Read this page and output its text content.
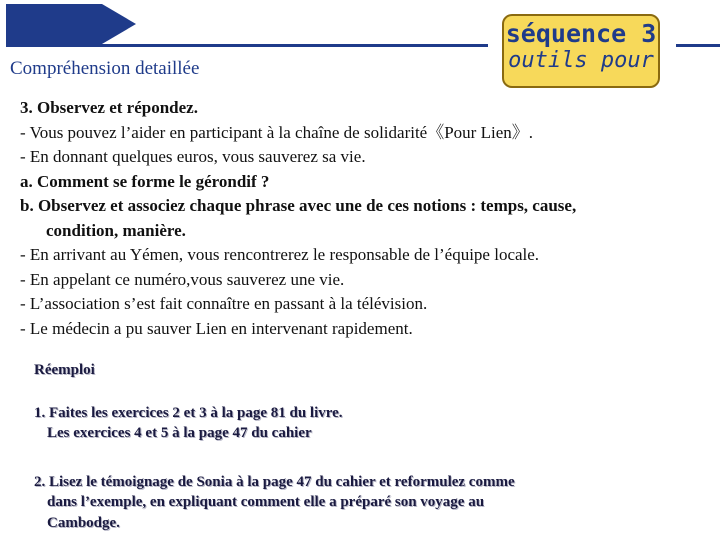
Compréhension detaillée
séquence 3
outils pour

3. Observez et répondez.

- Vous pouvez l’aider en participant à la chaîne de solidarité《Pour Lien》.

- En donnant quelques euros, vous sauverez sa vie.

a. Comment se forme le gérondif ?

b. Observez et associez chaque phrase avec une de ces notions : temps, cause,

condition, manière.

- En arrivant au Yémen, vous rencontrerez le responsable de l’équipe locale.

- En appelant ce numéro,vous sauverez une vie.

- L’association s’est fait connaître en passant à la télévision.

- Le médecin a pu sauver Lien en intervenant rapidement.

Réemploi

1. Faites les exercices 2 et 3 à la page 81 du livre.

Les exercices 4 et 5 à la page 47 du cahier

2. Lisez le témoignage de Sonia à la page 47 du cahier et reformulez comme

dans l’exemple, en expliquant comment elle a préparé son voyage au

Cambodge.
